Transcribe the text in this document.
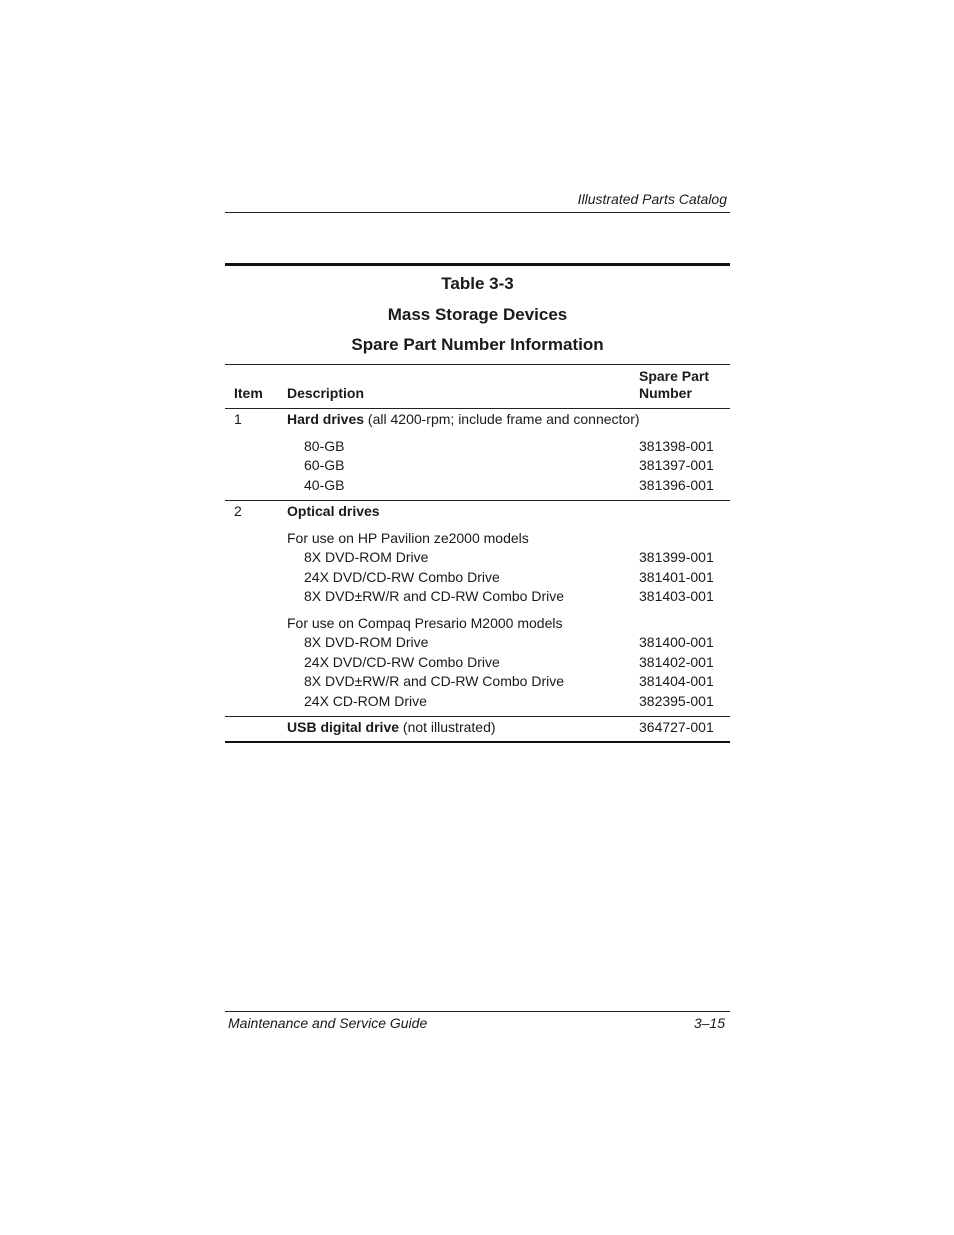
Illustrated Parts Catalog
Table 3-3
Mass Storage Devices
Spare Part Number Information
Item Description
Spare Part
Number
1	Hard drives (all 4200-rpm; include frame and connector)
80-GB	381398-001
60-GB	381397-001
40-GB	381396-001
2	Optical drives
For use on HP Pavilion ze2000 models
8X DVD-ROM Drive	381399-001
24X DVD/CD-RW Combo Drive	381401-001
8X DVD±RW/R and CD-RW Combo Drive	381403-001
For use on Compaq Presario M2000 models
8X DVD-ROM Drive	381400-001
24X DVD/CD-RW Combo Drive	381402-001
8X DVD±RW/R and CD-RW Combo Drive	381404-001
24X CD-ROM Drive	382395-001
USB digital drive (not illustrated)	364727-001
Maintenance and Service Guide	3–15
